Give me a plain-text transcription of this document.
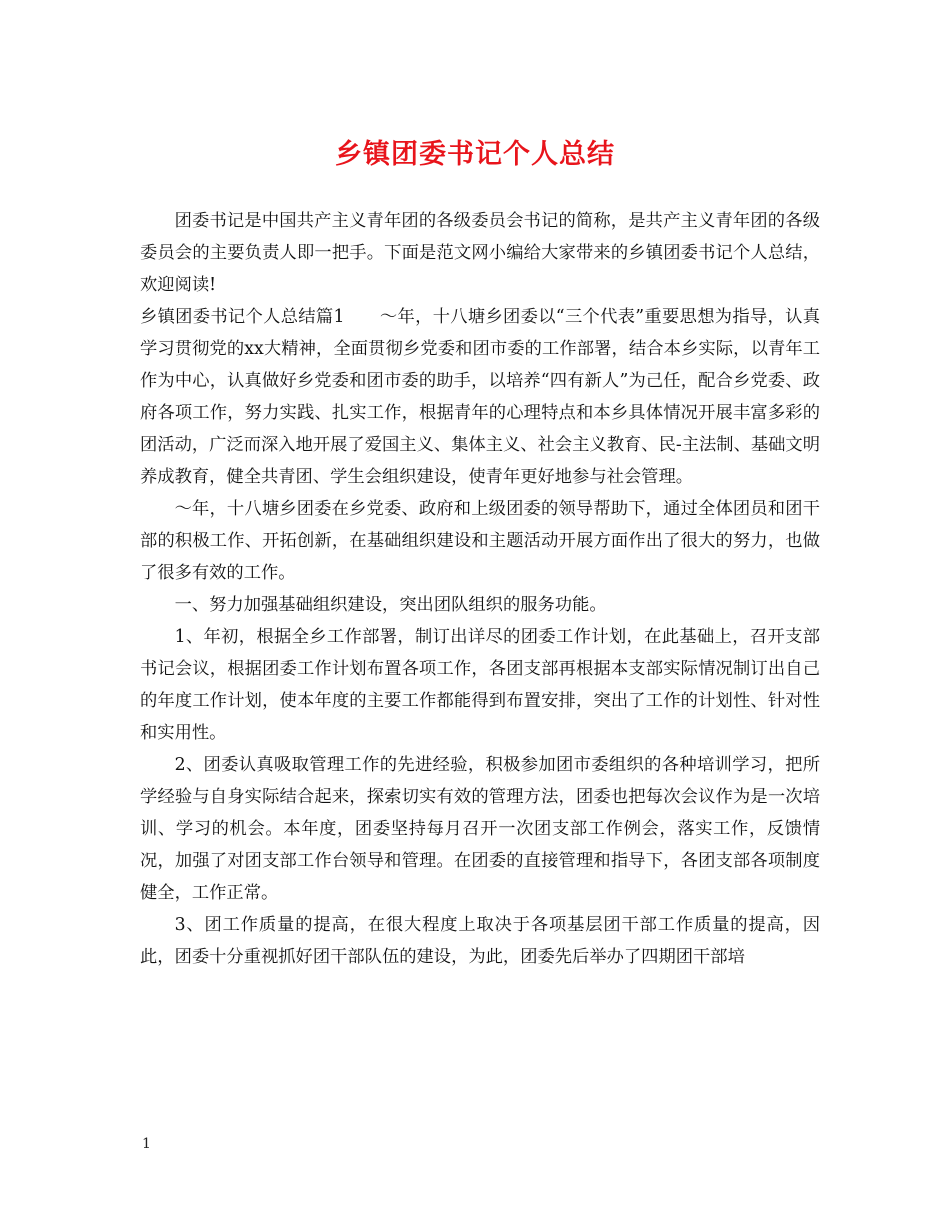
乡镇团委书记个人总结

团委书记是中国共产主义青年团的各级委员会书记的简称，是共产主义青年团的各级委员会的主要负责人即一把手。下面是范文网小编给大家带来的乡镇团委书记个人总结，欢迎阅读!

乡镇团委书记个人总结篇1　　～年，十八塘乡团委以“三个代表”重要思想为指导，认真学习贯彻党的xx大精神，全面贯彻乡党委和团市委的工作部署，结合本乡实际，以青年工作为中心，认真做好乡党委和团市委的助手，以培养“四有新人”为己任，配合乡党委、政府各项工作，努力实践、扎实工作，根据青年的心理特点和本乡具体情况开展丰富多彩的团活动，广泛而深入地开展了爱国主义、集体主义、社会主义教育、民-主法制、基础文明养成教育，健全共青团、学生会组织建设，使青年更好地参与社会管理。

～年，十八塘乡团委在乡党委、政府和上级团委的领导帮助下，通过全体团员和团干部的积极工作、开拓创新，在基础组织建设和主题活动开展方面作出了很大的努力，也做了很多有效的工作。

一、努力加强基础组织建设，突出团队组织的服务功能。

1、年初，根据全乡工作部署，制订出详尽的团委工作计划，在此基础上，召开支部书记会议，根据团委工作计划布置各项工作，各团支部再根据本支部实际情况制订出自己的年度工作计划，使本年度的主要工作都能得到布置安排，突出了工作的计划性、针对性和实用性。

2、团委认真吸取管理工作的先进经验，积极参加团市委组织的各种培训学习，把所学经验与自身实际结合起来，探索切实有效的管理方法，团委也把每次会议作为是一次培训、学习的机会。本年度，团委坚持每月召开一次团支部工作例会，落实工作，反馈情况，加强了对团支部工作台领导和管理。在团委的直接管理和指导下，各团支部各项制度健全，工作正常。

3、团工作质量的提高，在很大程度上取决于各项基层团干部工作质量的提高，因此，团委十分重视抓好团干部队伍的建设，为此，团委先后举办了四期团干部培

1
